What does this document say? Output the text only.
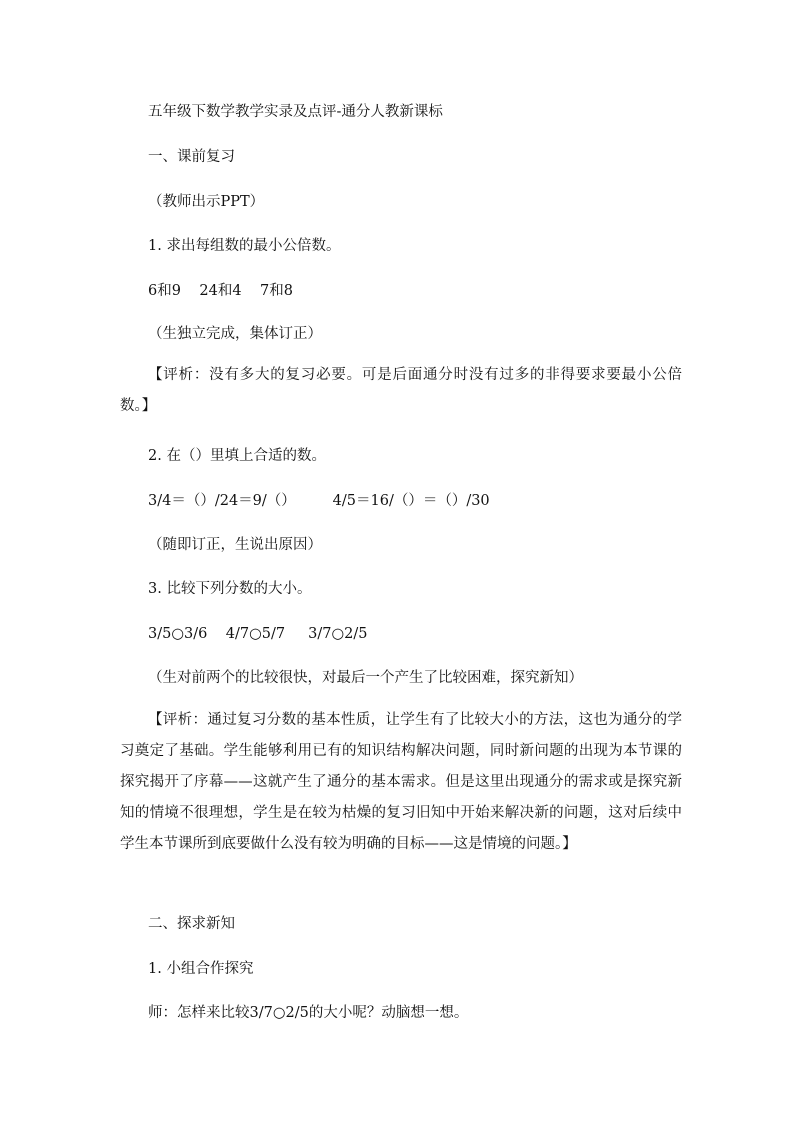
五年级下数学教学实录及点评-通分人教新课标
一、课前复习
（教师出示PPT）
1. 求出每组数的最小公倍数。
6和9    24和4    7和8
（生独立完成，集体订正）
【评析：没有多大的复习必要。可是后面通分时没有过多的非得要求要最小公倍数。】
2. 在（）里填上合适的数。
3/4＝（）/24＝9/（）        4/5＝16/（）＝（）/30
（随即订正，生说出原因）
3. 比较下列分数的大小。
3/5○3/6    4/7○5/7     3/7○2/5
（生对前两个的比较很快，对最后一个产生了比较困难，探究新知）
【评析：通过复习分数的基本性质，让学生有了比较大小的方法，这也为通分的学习奠定了基础。学生能够利用已有的知识结构解决问题，同时新问题的出现为本节课的探究揭开了序幕——这就产生了通分的基本需求。但是这里出现通分的需求或是探究新知的情境不很理想，学生是在较为枯燥的复习旧知中开始来解决新的问题，这对后续中学生本节课所到底要做什么没有较为明确的目标——这是情境的问题。】
二、探求新知
1. 小组合作探究
师：怎样来比较3/7○2/5的大小呢？动脑想一想。
